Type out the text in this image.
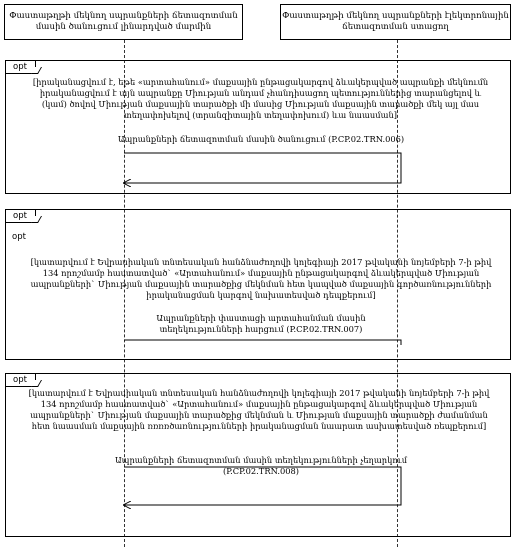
Փաստաթղթի մեկնող սպրանքների ճետազոտման մասին ծանուցում լինարդված մարմին
Փաստաթղթի մեկնող սպրանքների էլեկտրոնային ճետազոտման ստացող
opt
[իրականացվում է, եթե «արտահանում» մաքսային ընթացակարգով ձևակերպված ապրանքի մեկնումն իրականացվում է այն ապրանքը Միության անդամ չհանդիսացող պետություններից տարանցելով և (կամ) ծովով Միության մաքսային տարածքի մի մասից Միության մաքսային տարածքի մեկ այլ մաս տեղափոխելով (տրանզիտային տեղափոխում) ևա նաասման]
Ապրանքների ճետազոտման մասին ծանուցում (P.CP.02.TRN.006)
opt
opt
[կատարվում է Եվրասիական տնտեսական հանձնաժողովի կոլեգիայի 2017 թվականի նոյեմբերի 7-ի թիվ 134 որոշմամբ հաստատված` «Արտահանում» մաքսային ընթացակարգով ձևակերպված Միության ապրանքների` Միության մաքսային տարածքից մեկնման հետ կապված մաքսային գործառնությունների իրականացման կարգով նախատեսված դեպքերում]
Ապրանքների փաստացի արտահանման մասին տեղեկությունների հարցում (P.CP.02.TRN.007)
opt
[կատարվում է Եվրասիական տնտեսական հանձնաժողովի կոլեգիայի 2017 թվականի նոյեմբերի 7-ի թիվ 134 որոշմամբ հաստատված` «Արտահանում» մաքսային ընթացակարգով ձևակերպված Միության ապրանքների` Միության մաքսային տարածքից մեկնման և Միության մաքսային տարածքի ժամանման հետ նաասման մաքսային ռռռռծառնությունների իրականացման նաարատ ասխատեսված ռեպքերում]
Ապրանքների ճետազոտման մասին տեղեկությունների չեղարկում (P.CP.02.TRN.008)
